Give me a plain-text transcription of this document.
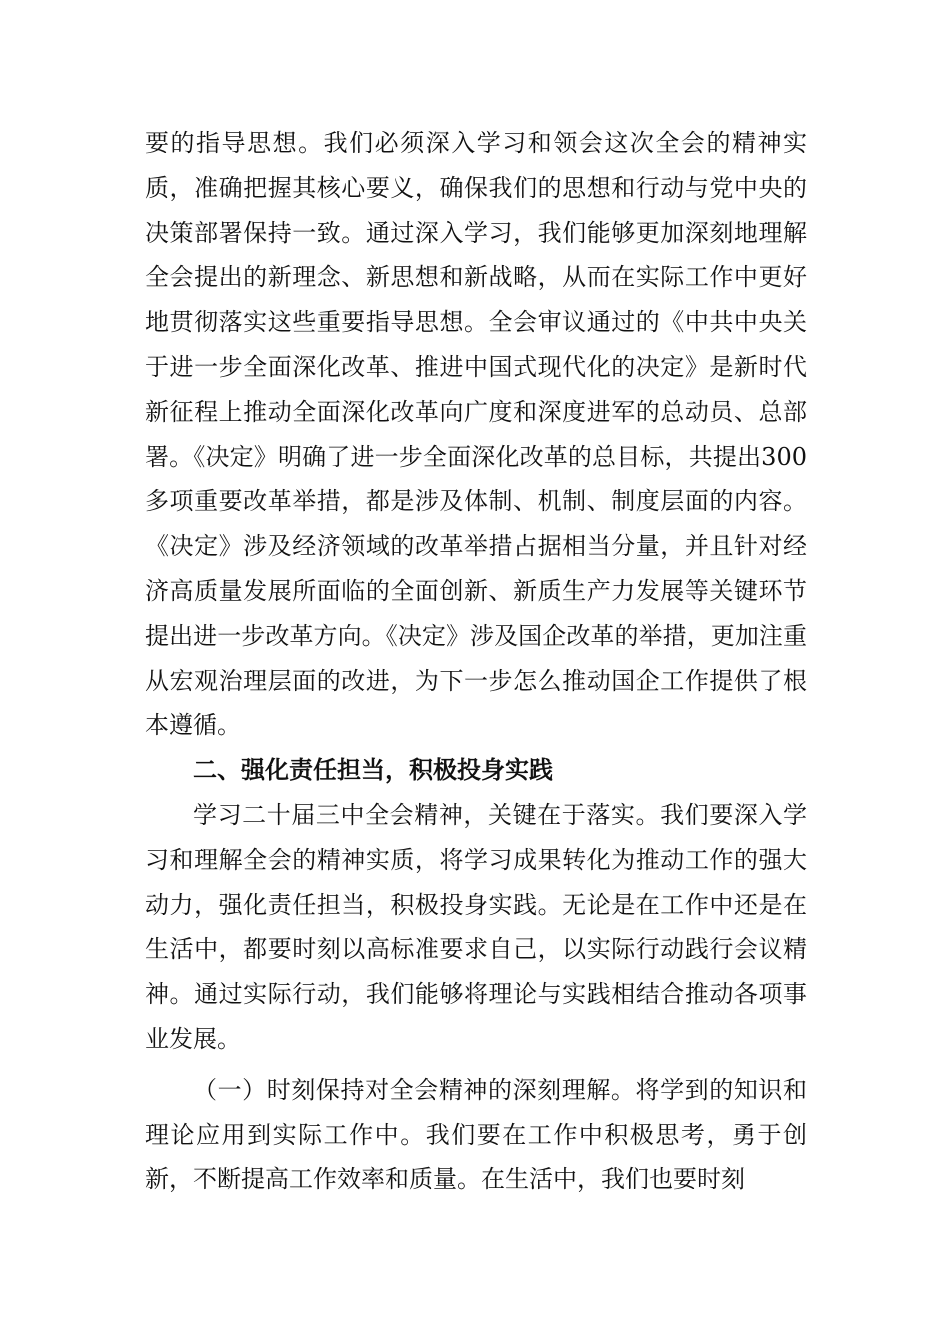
要的指导思想。我们必须深入学习和领会这次全会的精神实质，准确把握其核心要义，确保我们的思想和行动与党中央的决策部署保持一致。通过深入学习，我们能够更加深刻地理解全会提出的新理念、新思想和新战略，从而在实际工作中更好地贯彻落实这些重要指导思想。全会审议通过的《中共中央关于进一步全面深化改革、推进中国式现代化的决定》是新时代新征程上推动全面深化改革向广度和深度进军的总动员、总部署。《决定》明确了进一步全面深化改革的总目标，共提出300多项重要改革举措，都是涉及体制、机制、制度层面的内容。《决定》涉及经济领域的改革举措占据相当分量，并且针对经济高质量发展所面临的全面创新、新质生产力发展等关键环节提出进一步改革方向。《决定》涉及国企改革的举措，更加注重从宏观治理层面的改进，为下一步怎么推动国企工作提供了根本遵循。

二、强化责任担当，积极投身实践

学习二十届三中全会精神，关键在于落实。我们要深入学习和理解全会的精神实质，将学习成果转化为推动工作的强大动力，强化责任担当，积极投身实践。无论是在工作中还是在生活中，都要时刻以高标准要求自己，以实际行动践行会议精神。通过实际行动，我们能够将理论与实践相结合推动各项事业发展。

（一）时刻保持对全会精神的深刻理解。将学到的知识和理论应用到实际工作中。我们要在工作中积极思考，勇于创新，不断提高工作效率和质量。在生活中，我们也要时刻
